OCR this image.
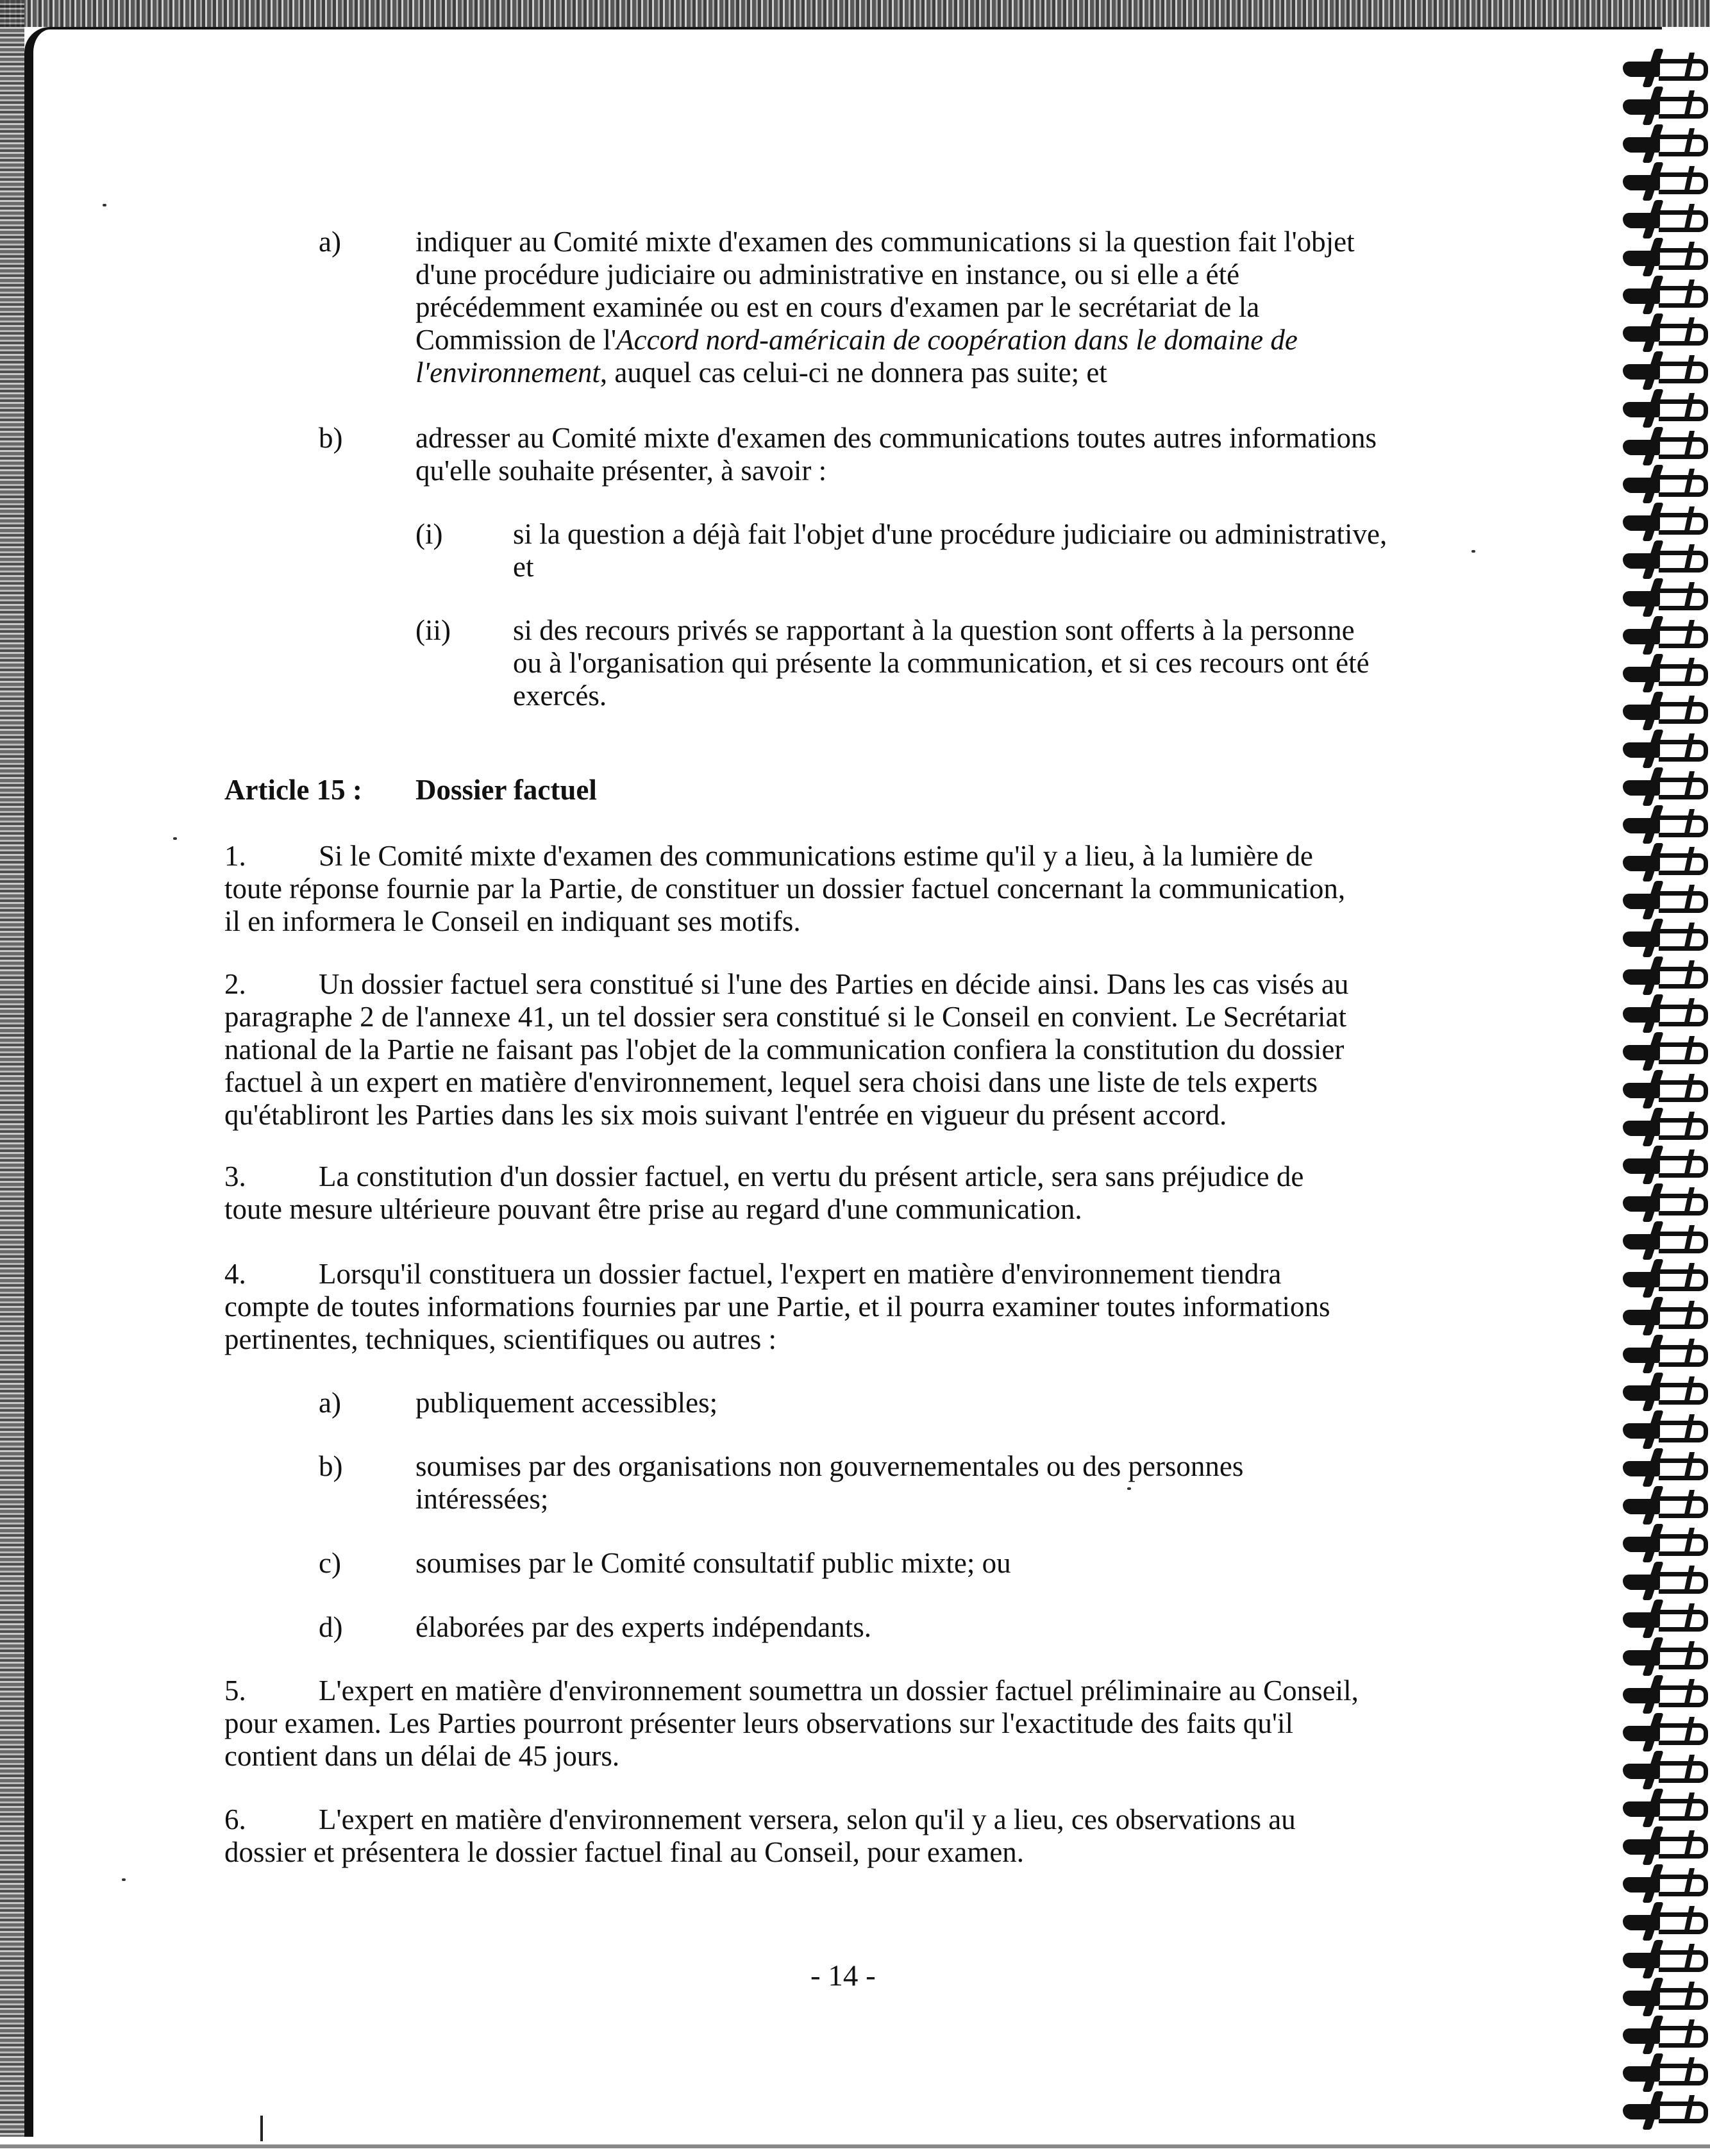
a)	indiquer au Comité mixte d'examen des communications si la question fait l'objet
d'une procédure judiciaire ou administrative en instance, ou si elle a été
précédemment examinée ou est en cours d'examen par le secrétariat de la
Commission de l'Accord nord-américain de coopération dans le domaine de
l'environnement, auquel cas celui-ci ne donnera pas suite; et
b)	adresser au Comité mixte d'examen des communications toutes autres informations
qu'elle souhaite présenter, à savoir :
(i) si la question a déjà fait l'objet d'une procédure judiciaire ou administrative,
et
(ii) si des recours privés se rapportant à la question sont offerts à la personne
ou à l'organisation qui présente la communication, et si ces recours ont été
exercés.
Article 15 : Dossier factuel
1.	Si le Comité mixte d'examen des communications estime qu'il y a lieu, à la lumière de
toute réponse fournie par la Partie, de constituer un dossier factuel concernant la communication,
il en informera le Conseil en indiquant ses motifs.
2.	Un dossier factuel sera constitué si l'une des Parties en décide ainsi. Dans les cas visés au
paragraphe 2 de l'annexe 41, un tel dossier sera constitué si le Conseil en convient. Le Secrétariat
national de la Partie ne faisant pas l'objet de la communication confiera la constitution du dossier
factuel à un expert en matière d'environnement, lequel sera choisi dans une liste de tels experts
qu'établiront les Parties dans les six mois suivant l'entrée en vigueur du présent accord.
3.	La constitution d'un dossier factuel, en vertu du présent article, sera sans préjudice de
toute mesure ultérieure pouvant être prise au regard d'une communication.
4.	Lorsqu'il constituera un dossier factuel, l'expert en matière d'environnement tiendra
compte de toutes informations fournies par une Partie, et il pourra examiner toutes informations
pertinentes, techniques, scientifiques ou autres :
a)	publiquement accessibles;
b)	soumises par des organisations non gouvernementales ou des personnes
intéressées;
c)	soumises par le Comité consultatif public mixte; ou
d)	élaborées par des experts indépendants.
5.	L'expert en matière d'environnement soumettra un dossier factuel préliminaire au Conseil,
pour examen. Les Parties pourront présenter leurs observations sur l'exactitude des faits qu'il
contient dans un délai de 45 jours.
6.	L'expert en matière d'environnement versera, selon qu'il y a lieu, ces observations au
dossier et présentera le dossier factuel final au Conseil, pour examen.
- 14 -
